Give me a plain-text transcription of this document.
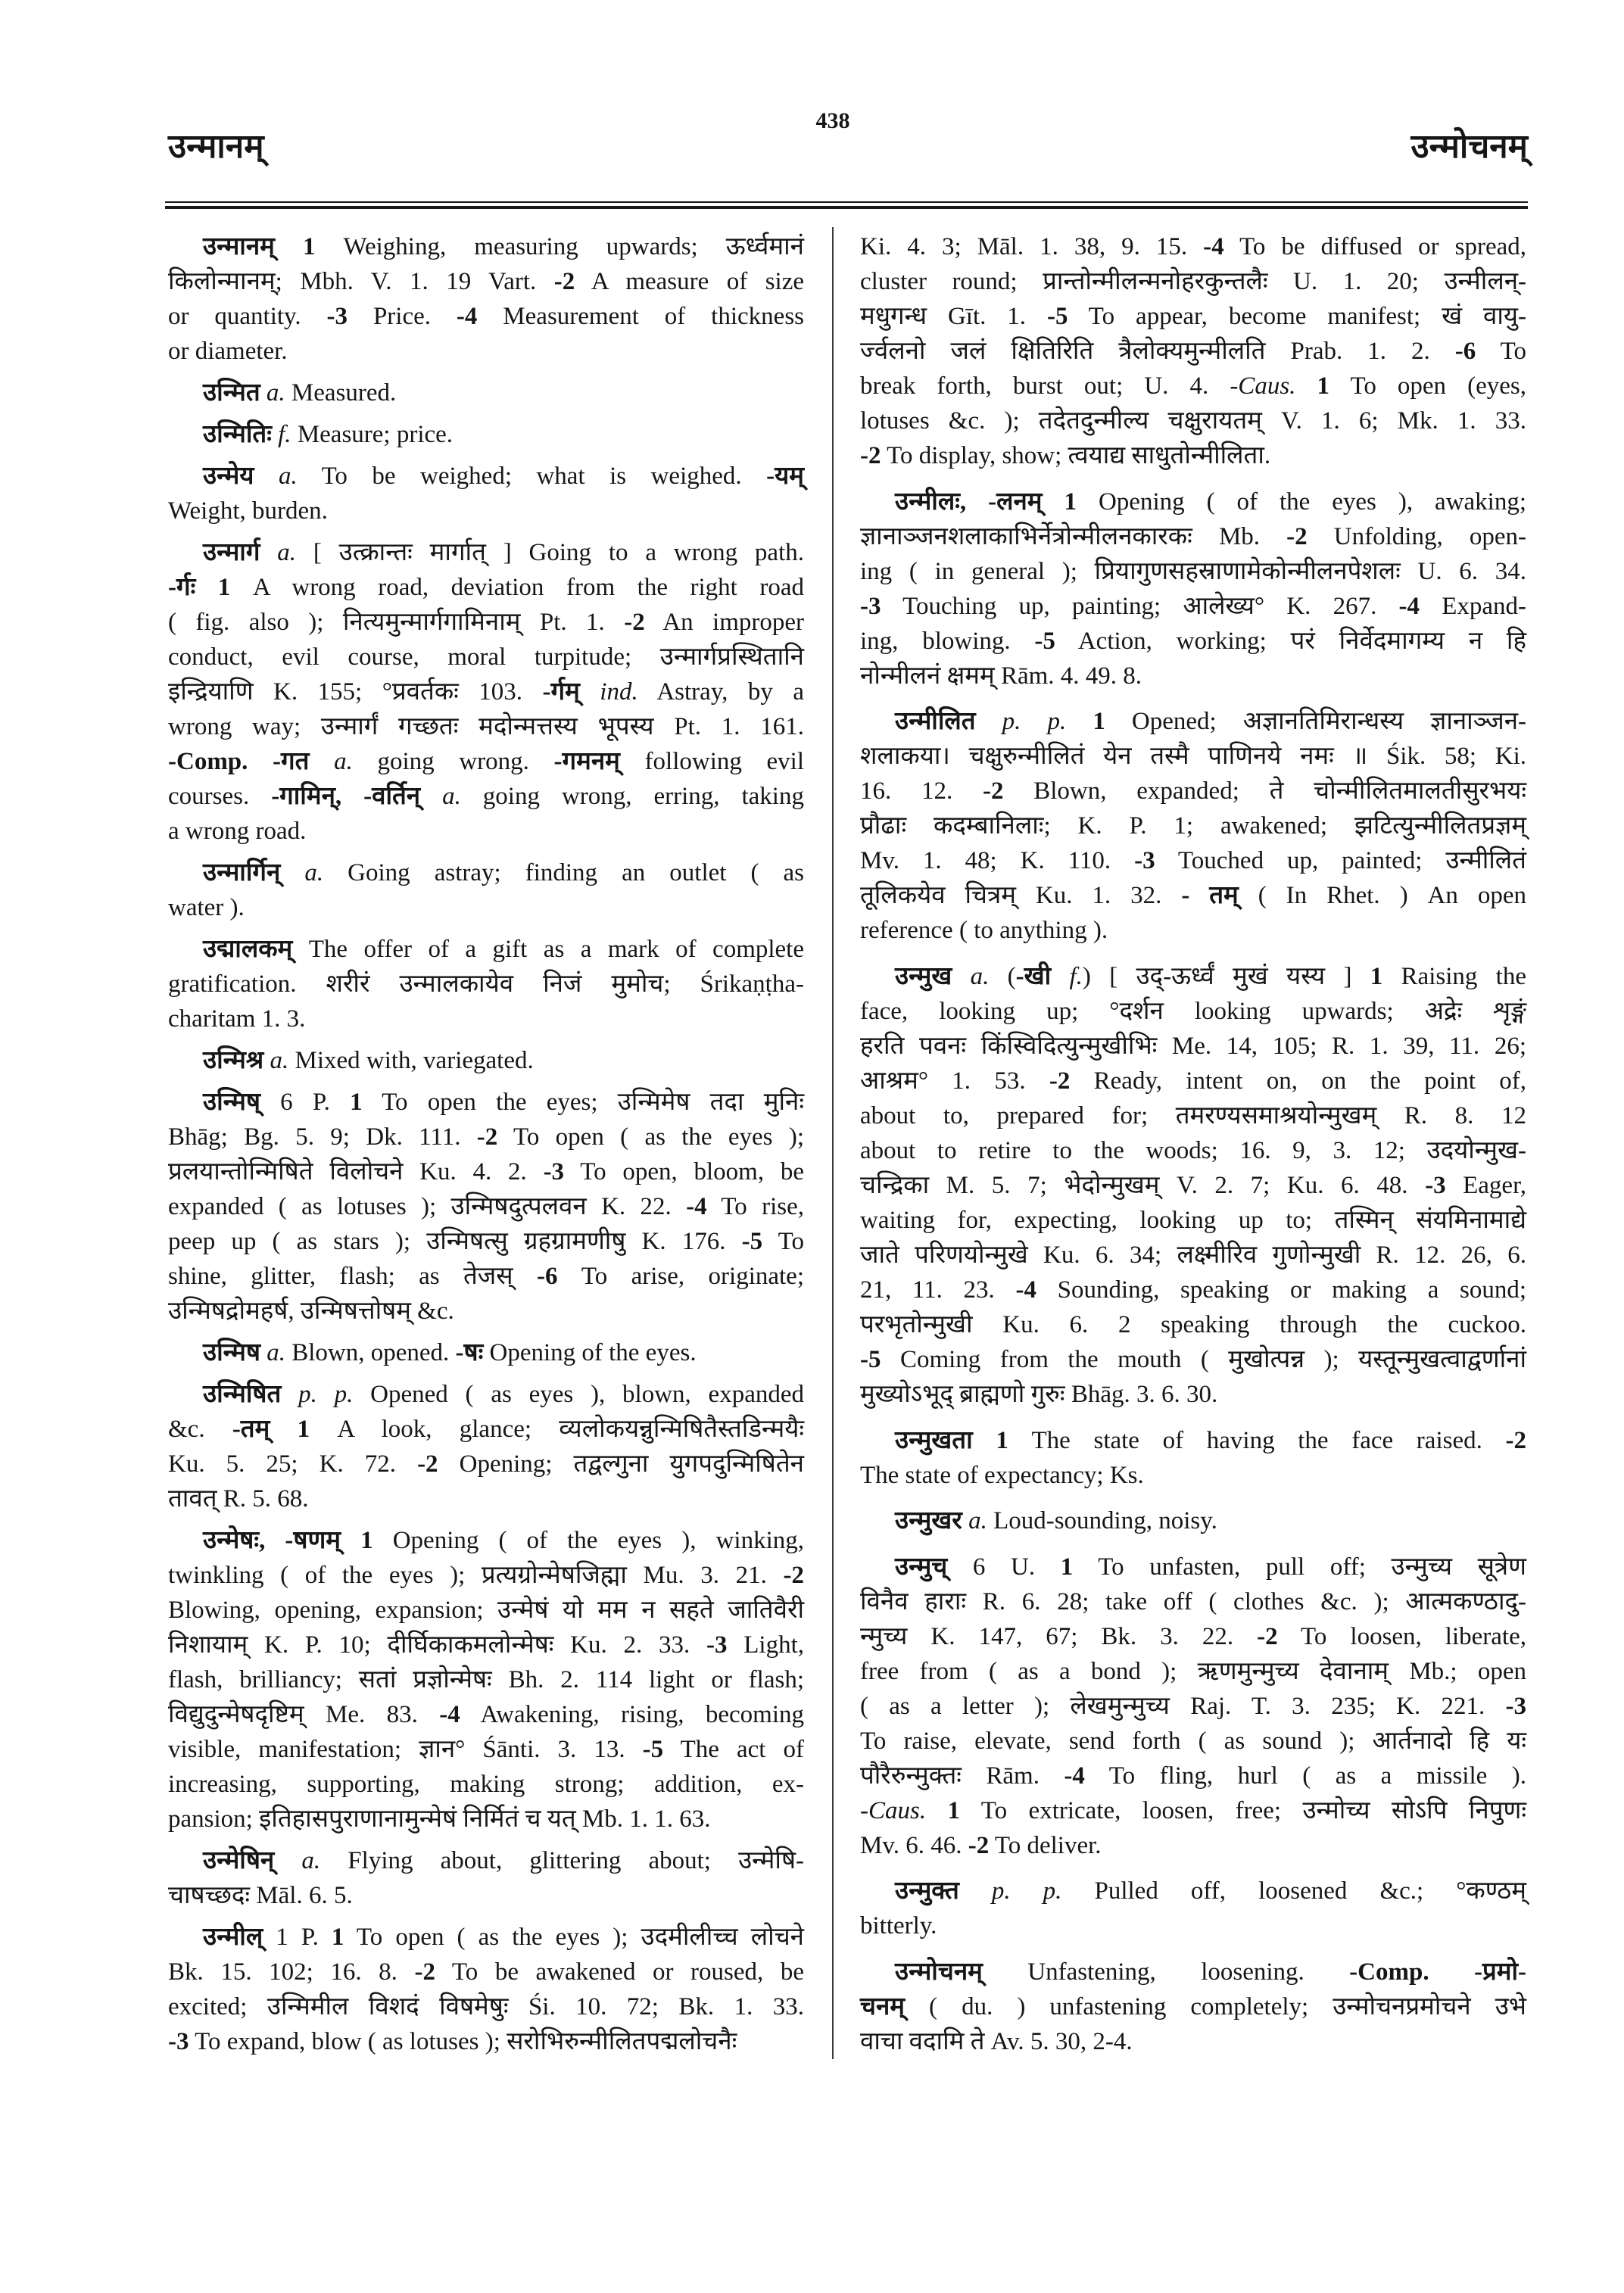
उन्मानम्
438
उन्मोचनम्
उन्मानम् 1 Weighing, measuring upwards; ऊर्ध्वमानं
किलोन्मानम्; Mbh. V. 1. 19 Vart. -2 A measure of size
or quantity. -3 Price. -4 Measurement of thickness
or diameter.
उन्मित a. Measured.
उन्मितिः f. Measure; price.
उन्मेय a. To be weighed; what is weighed. -यम्
Weight, burden.
उन्मार्ग a. [ उत्क्रान्तः मार्गात् ] Going to a wrong path.
-र्गः 1 A wrong road, deviation from the right road
( fig. also ); नित्यमुन्मार्गगामिनाम् Pt. 1. -2 An improper
conduct, evil course, moral turpitude; उन्मार्गप्रस्थितानि
इन्द्रियाणि K. 155; °प्रवर्तकः 103. -र्गम् ind. Astray, by a
wrong way; उन्मार्गं गच्छतः मदोन्मत्तस्य भूपस्य Pt. 1. 161.
-Comp. -गत a. going wrong. -गमनम् following evil
courses. -गामिन्, -वर्तिन् a. going wrong, erring, taking
a wrong road.
उन्मार्गिन् a. Going astray; finding an outlet ( as
water ).
उद्मालकम् The offer of a gift as a mark of complete
gratification. शरीरं उन्मालकायेव निजं मुमोच; Śrikaṇṭha-
charitam 1. 3.
उन्मिश्र a. Mixed with, variegated.
उन्मिष् 6 P. 1 To open the eyes; उन्मिमेष तदा मुनिः
Bhāg; Bg. 5. 9; Dk. 111. -2 To open ( as the eyes );
प्रलयान्तोन्मिषिते विलोचने Ku. 4. 2. -3 To open, bloom, be
expanded ( as lotuses ); उन्मिषदुत्पलवन K. 22. -4 To rise,
peep up ( as stars ); उन्मिषत्सु ग्रहग्रामणीषु K. 176. -5 To
shine, glitter, flash; as तेजस् -6 To arise, originate;
उन्मिषद्रोमहर्ष, उन्मिषत्तोषम् &c.
उन्मिष a. Blown, opened. -षः Opening of the eyes.
उन्मिषित p. p. Opened ( as eyes ), blown, expanded
&c. -तम् 1 A look, glance; व्यलोकयन्नुन्मिषितैस्तडिन्मयैः
Ku. 5. 25; K. 72. -2 Opening; तद्वल्गुना युगपदुन्मिषितेन
तावत् R. 5. 68.
उन्मेषः, -षणम् 1 Opening ( of the eyes ), winking,
twinkling ( of the eyes ); प्रत्यग्रोन्मेषजिह्मा Mu. 3. 21. -2
Blowing, opening, expansion; उन्मेषं यो मम न सहते जातिवैरी
निशायाम् K. P. 10; दीर्घिकाकमलोन्मेषः Ku. 2. 33. -3 Light,
flash, brilliancy; सतां प्रज्ञोन्मेषः Bh. 2. 114 light or flash;
विद्युदुन्मेषदृष्टिम् Me. 83. -4 Awakening, rising, becoming
visible, manifestation; ज्ञान° Śānti. 3. 13. -5 The act of
increasing, supporting, making strong; addition, ex-
pansion; इतिहासपुराणानामुन्मेषं निर्मितं च यत् Mb. 1. 1. 63.
उन्मेषिन् a. Flying about, glittering about; उन्मेषि-
चाषच्छदः Māl. 6. 5.
उन्मील् 1 P. 1 To open ( as the eyes ); उदमीलीच्च लोचने
Bk. 15. 102; 16. 8. -2 To be awakened or roused, be
excited; उन्मिमील विशदं विषमेषुः Śi. 10. 72; Bk. 1. 33.
-3 To expand, blow ( as lotuses ); सरोभिरुन्मीलितपद्मलोचनैः
Ki. 4. 3; Māl. 1. 38, 9. 15. -4 To be diffused or spread,
cluster round; प्रान्तोन्मीलन्मनोहरकुन्तलैः U. 1. 20; उन्मीलन्-
मधुगन्ध Gīt. 1. -5 To appear, become manifest; खं वायु-
र्ज्वलनो जलं क्षितिरिति त्रैलोक्यमुन्मीलति Prab. 1. 2. -6 To
break forth, burst out; U. 4. -Caus. 1 To open (eyes,
lotuses &c. ); तदेतदुन्मील्य चक्षुरायतम् V. 1. 6; Mk. 1. 33.
-2 To display, show; त्वयाद्य साधुतोन्मीलिता.
उन्मीलः, -लनम् 1 Opening ( of the eyes ), awaking;
ज्ञानाञ्जनशलाकाभिर्नेत्रोन्मीलनकारकः Mb. -2 Unfolding, open-
ing ( in general ); प्रियागुणसहस्राणामेकोन्मीलनपेशलः U. 6. 34.
-3 Touching up, painting; आलेख्य° K. 267. -4 Expand-
ing, blowing. -5 Action, working; परं निर्वेदमागम्य न हि
नोन्मीलनं क्षमम् Rām. 4. 49. 8.
उन्मीलित p. p. 1 Opened; अज्ञानतिमिरान्धस्य ज्ञानाञ्जन-
शलाकया। चक्षुरुन्मीलितं येन तस्मै पाणिनये नमः ॥ Śik. 58; Ki.
16. 12. -2 Blown, expanded; ते चोन्मीलितमालतीसुरभयः
प्रौढाः कदम्बानिलाः; K. P. 1; awakened; झटित्युन्मीलितप्रज्ञम्
Mv. 1. 48; K. 110. -3 Touched up, painted; उन्मीलितं
तूलिकयेव चित्रम् Ku. 1. 32. - तम् ( In Rhet. ) An open
reference ( to anything ).
उन्मुख a. (-खी f.) [ उद्-ऊर्ध्वं मुखं यस्य ] 1 Raising the
face, looking up; °दर्शन looking upwards; अद्रेः शृङ्गं
हरति पवनः किंस्विदित्युन्मुखीभिः Me. 14, 105; R. 1. 39, 11. 26;
आश्रम° 1. 53. -2 Ready, intent on, on the point of,
about to, prepared for; तमरण्यसमाश्रयोन्मुखम् R. 8. 12
about to retire to the woods; 16. 9, 3. 12; उदयोन्मुख-
चन्द्रिका M. 5. 7; भेदोन्मुखम् V. 2. 7; Ku. 6. 48. -3 Eager,
waiting for, expecting, looking up to; तस्मिन् संयमिनामाद्ये
जाते परिणयोन्मुखे Ku. 6. 34; लक्ष्मीरिव गुणोन्मुखी R. 12. 26, 6.
21, 11. 23. -4 Sounding, speaking or making a sound;
परभृतोन्मुखी Ku. 6. 2 speaking through the cuckoo.
-5 Coming from the mouth ( मुखोत्पन्न ); यस्तून्मुखत्वाद्वर्णानां
मुख्योऽभूद् ब्राह्मणो गुरुः Bhāg. 3. 6. 30.
उन्मुखता 1 The state of having the face raised. -2
The state of expectancy; Ks.
उन्मुखर a. Loud-sounding, noisy.
उन्मुच् 6 U. 1 To unfasten, pull off; उन्मुच्य सूत्रेण
विनैव हाराः R. 6. 28; take off ( clothes &c. ); आत्मकण्ठादु-
न्मुच्य K. 147, 67; Bk. 3. 22. -2 To loosen, liberate,
free from ( as a bond ); ऋणमुन्मुच्य देवानाम् Mb.; open
( as a letter ); लेखमुन्मुच्य Raj. T. 3. 235; K. 221. -3
To raise, elevate, send forth ( as sound ); आर्तनादो हि यः
पौरैरुन्मुक्तः Rām. -4 To fling, hurl ( as a missile ).
-Caus. 1 To extricate, loosen, free; उन्मोच्य सोऽपि निपुणः
Mv. 6. 46. -2 To deliver.
उन्मुक्त p. p. Pulled off, loosened &c.; °कण्ठम्
bitterly.
उन्मोचनम् Unfastening, loosening. -Comp. -प्रमो-
चनम् ( du. ) unfastening completely; उन्मोचनप्रमोचने उभे
वाचा वदामि ते Av. 5. 30, 2-4.
